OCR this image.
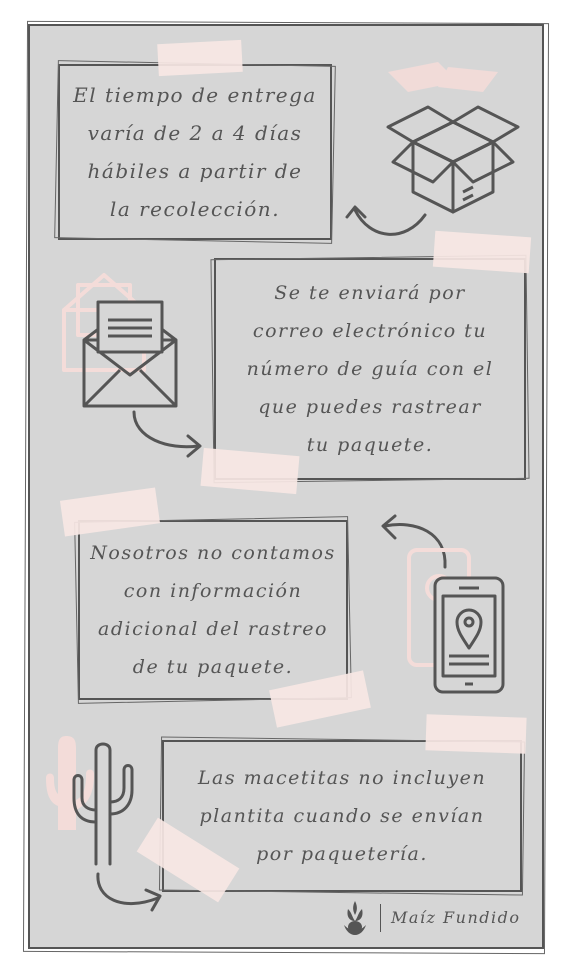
El tiempo de entrega
varía de 2 a 4 días
hábiles a partir de
la recolección.
Se te enviará por
correo electrónico tu
número de guía con el
que puedes rastrear
tu paquete.
Nosotros no contamos
con información
adicional del rastreo
de tu paquete.
Las macetitas no incluyen
plantita cuando se envían
por paquetería.
Maíz Fundido
